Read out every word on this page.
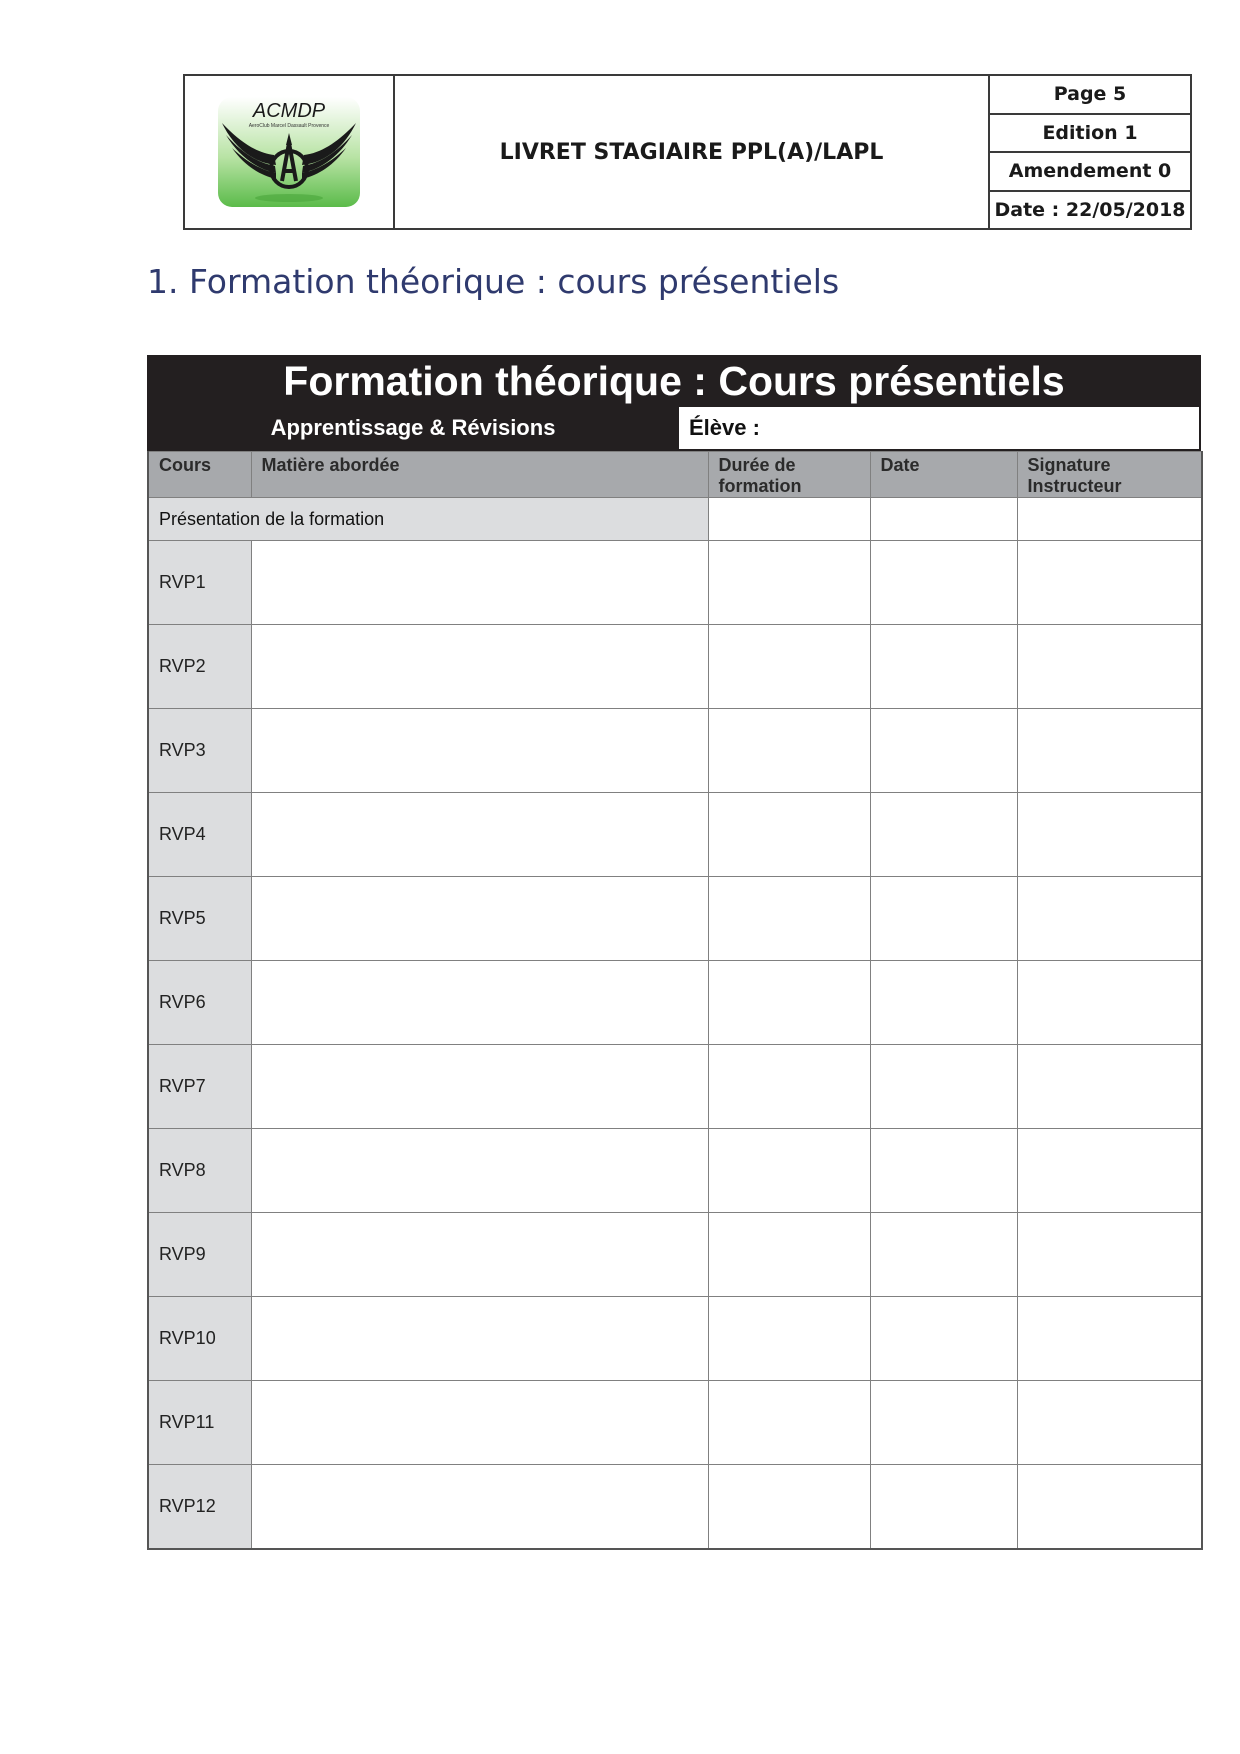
ACMDP
AeroClub Marcel Dassault Provence
LIVRET STAGIAIRE PPL(A)/LAPL
Page 5
Edition 1
Amendement 0
Date : 22/05/2018
1. Formation théorique : cours présentiels
Formation théorique : Cours présentiels
Apprentissage & Révisions	Élève :
Cours	Matière abordée	Durée de formation	Date	Signature Instructeur
Présentation de la formation				
RVP1				
RVP2				
RVP3				
RVP4				
RVP5				
RVP6				
RVP7				
RVP8				
RVP9				
RVP10				
RVP11				
RVP12				
